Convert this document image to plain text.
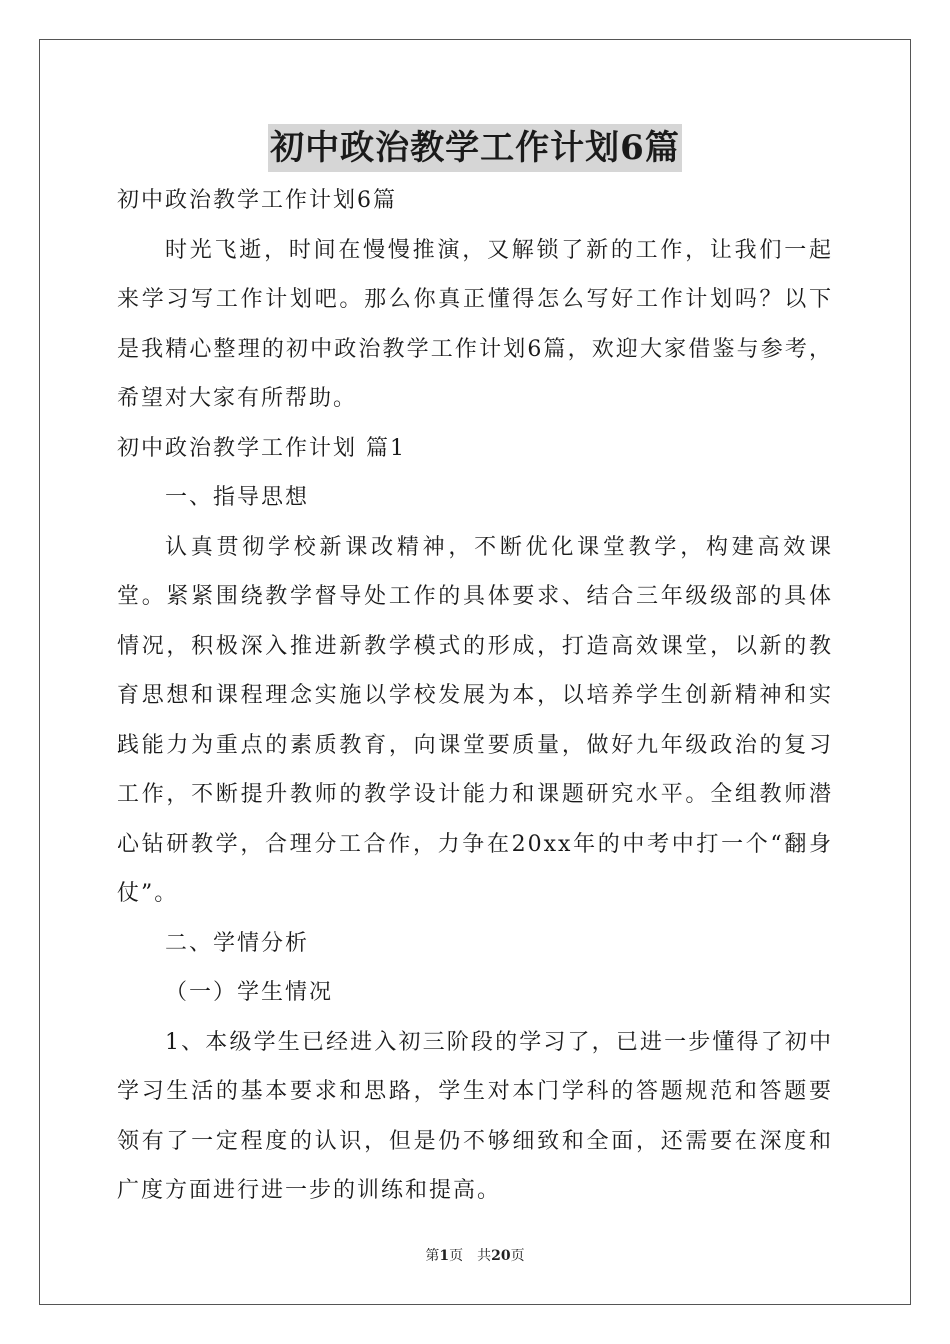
初中政治教学工作计划6篇

初中政治教学工作计划6篇

时光飞逝，时间在慢慢推演，又解锁了新的工作，让我们一起来学习写工作计划吧。那么你真正懂得怎么写好工作计划吗？以下是我精心整理的初中政治教学工作计划6篇，欢迎大家借鉴与参考，希望对大家有所帮助。

初中政治教学工作计划 篇1

一、指导思想

认真贯彻学校新课改精神，不断优化课堂教学，构建高效课堂。紧紧围绕教学督导处工作的具体要求、结合三年级级部的具体情况，积极深入推进新教学模式的形成，打造高效课堂，以新的教育思想和课程理念实施以学校发展为本，以培养学生创新精神和实践能力为重点的素质教育，向课堂要质量，做好九年级政治的复习工作，不断提升教师的教学设计能力和课题研究水平。全组教师潜心钻研教学，合理分工合作，力争在20xx年的中考中打一个“翻身仗”。

二、学情分析

（一）学生情况

1、本级学生已经进入初三阶段的学习了，已进一步懂得了初中学习生活的基本要求和思路，学生对本门学科的答题规范和答题要领有了一定程度的认识，但是仍不够细致和全面，还需要在深度和广度方面进行进一步的训练和提高。

第1页 共20页
